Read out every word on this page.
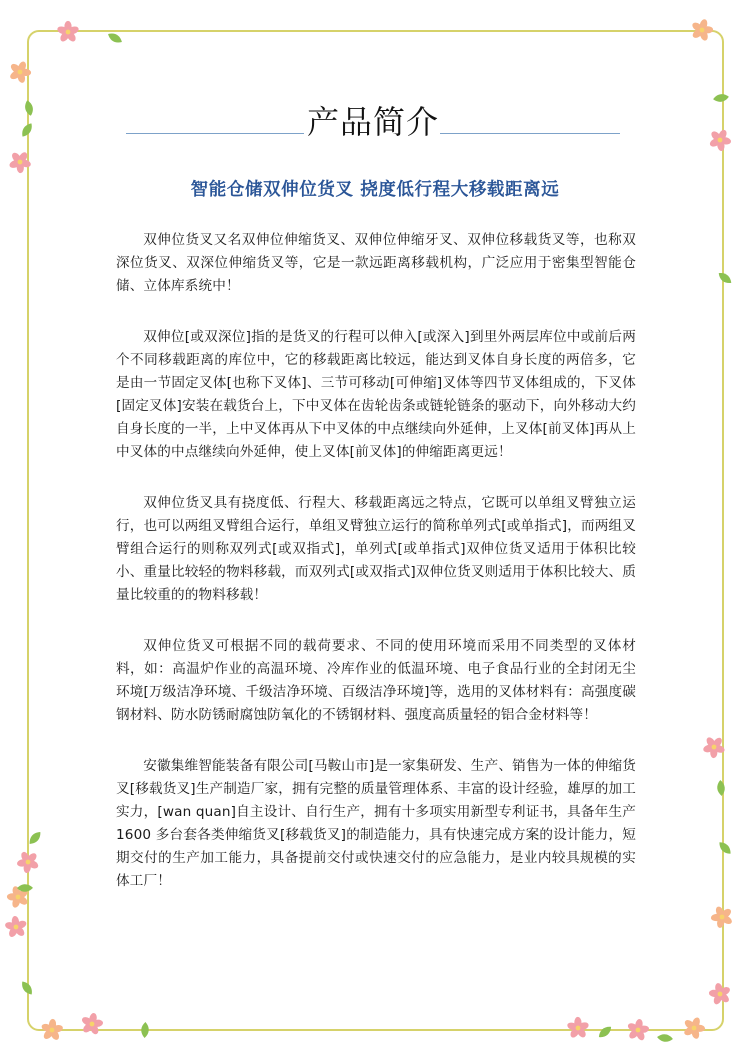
产品简介
智能仓储双伸位货叉 挠度低行程大移载距离远

双伸位货叉又名双伸位伸缩货叉、双伸位伸缩牙叉、双伸位移载货叉等，也称双深位货叉、双深位伸缩货叉等，它是一款远距离移载机构，广泛应用于密集型智能仓储、立体库系统中！

双伸位[或双深位]指的是货叉的行程可以伸入[或深入]到里外两层库位中或前后两个不同移载距离的库位中，它的移载距离比较远，能达到叉体自身长度的两倍多，它是由一节固定叉体[也称下叉体]、三节可移动[可伸缩]叉体等四节叉体组成的，下叉体[固定叉体]安装在载货台上，下中叉体在齿轮齿条或链轮链条的驱动下，向外移动大约自身长度的一半，上中叉体再从下中叉体的中点继续向外延伸，上叉体[前叉体]再从上中叉体的中点继续向外延伸，使上叉体[前叉体]的伸缩距离更远！

双伸位货叉具有挠度低、行程大、移载距离远之特点，它既可以单组叉臂独立运行，也可以两组叉臂组合运行，单组叉臂独立运行的简称单列式[或单指式]，而两组叉臂组合运行的则称双列式[或双指式]，单列式[或单指式]双伸位货叉适用于体积比较小、重量比较轻的物料移载，而双列式[或双指式]双伸位货叉则适用于体积比较大、质量比较重的的物料移载！

双伸位货叉可根据不同的载荷要求、不同的使用环境而采用不同类型的叉体材料，如：高温炉作业的高温环境、冷库作业的低温环境、电子食品行业的全封闭无尘环境[万级洁净环境、千级洁净环境、百级洁净环境]等，选用的叉体材料有：高强度碳钢材料、防水防锈耐腐蚀防氧化的不锈钢材料、强度高质量轻的铝合金材料等！

安徽集维智能装备有限公司[马鞍山市]是一家集研发、生产、销售为一体的伸缩货叉[移载货叉]生产制造厂家，拥有完整的质量管理体系、丰富的设计经验，雄厚的加工实力，[wan quan]自主设计、自行生产，拥有十多项实用新型专利证书，具备年生产 1600 多台套各类伸缩货叉[移载货叉]的制造能力，具有快速完成方案的设计能力，短期交付的生产加工能力，具备提前交付或快速交付的应急能力，是业内较具规模的实体工厂！
